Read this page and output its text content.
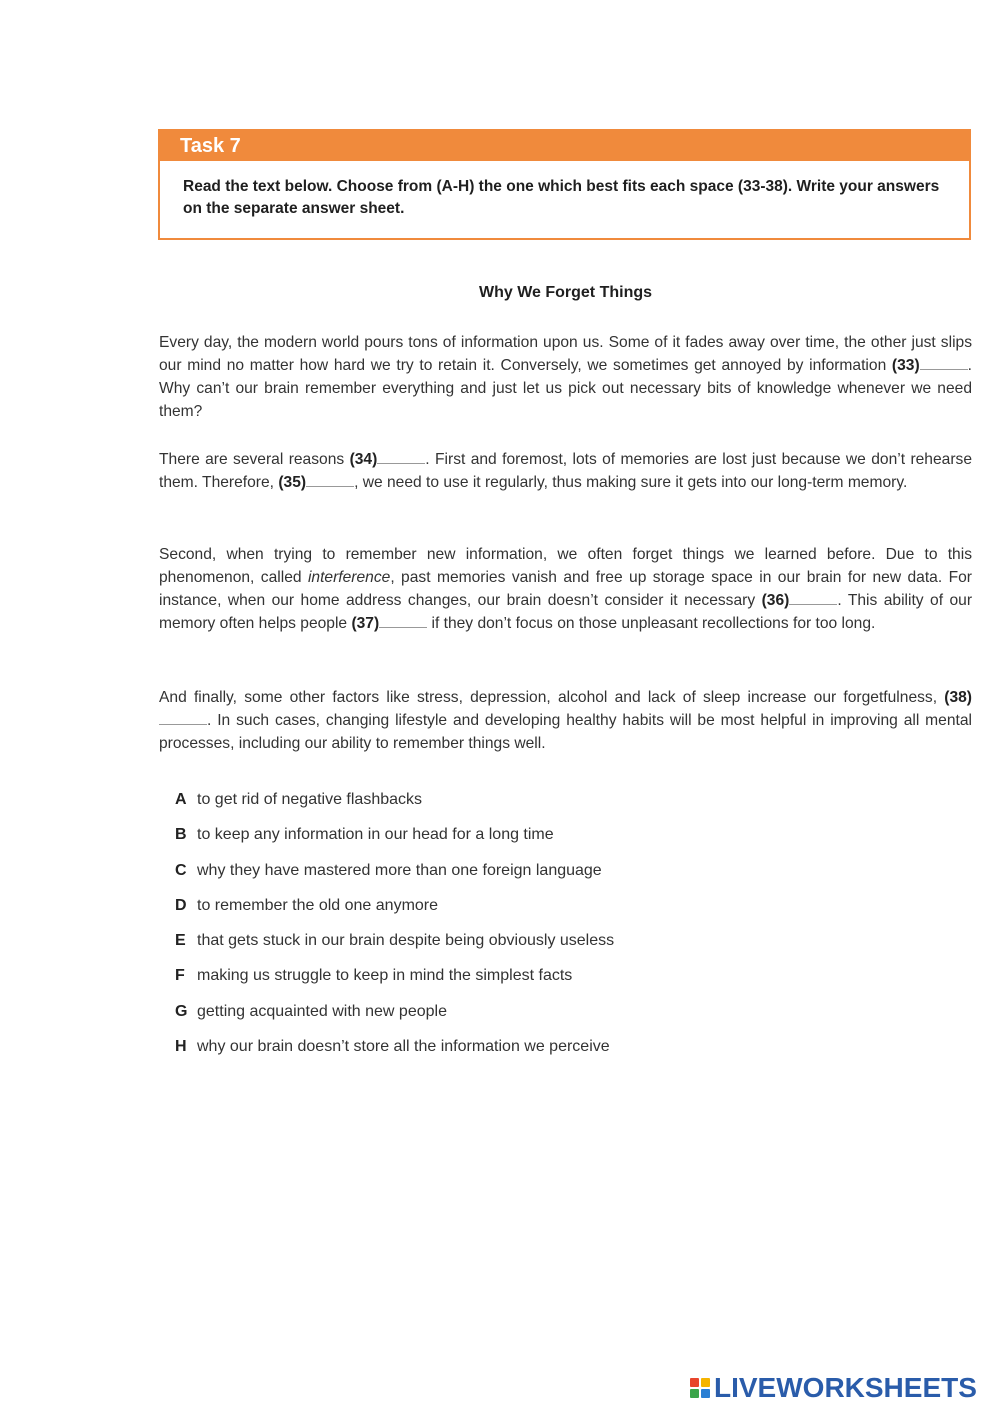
Task 7
Read the text below. Choose from (A-H) the one which best fits each space (33-38). Write your answers on the separate answer sheet.
Why We Forget Things
Every day, the modern world pours tons of information upon us. Some of it fades away over time, the other just slips our mind no matter how hard we try to retain it. Conversely, we sometimes get annoyed by information (33)	. Why can’t our brain remember everything and just let us pick out necessary bits of knowledge whenever we need them?
There are several reasons (34)	. First and foremost, lots of memories are lost just because we don’t rehearse them. Therefore, (35)	, we need to use it regularly, thus making sure it gets into our long-term memory.
Second, when trying to remember new information, we often forget things we learned before. Due to this phenomenon, called interference, past memories vanish and free up storage space in our brain for new data. For instance, when our home address changes, our brain doesn’t consider it necessary (36)	. This ability of our memory often helps people (37)	if they don’t focus on those unpleasant recollections for too long.
And finally, some other factors like stress, depression, alcohol and lack of sleep increase our forgetfulness, (38). In such cases, changing lifestyle and developing healthy habits will be most helpful in improving all mental processes, including our ability to remember things well.
A to get rid of negative flashbacks
B to keep any information in our head for a long time
C why they have mastered more than one foreign language
D to remember the old one anymore
E that gets stuck in our brain despite being obviously useless
F making us struggle to keep in mind the simplest facts
G getting acquainted with new people
H why our brain doesn’t store all the information we perceive
LIVEWORKSHEETS
